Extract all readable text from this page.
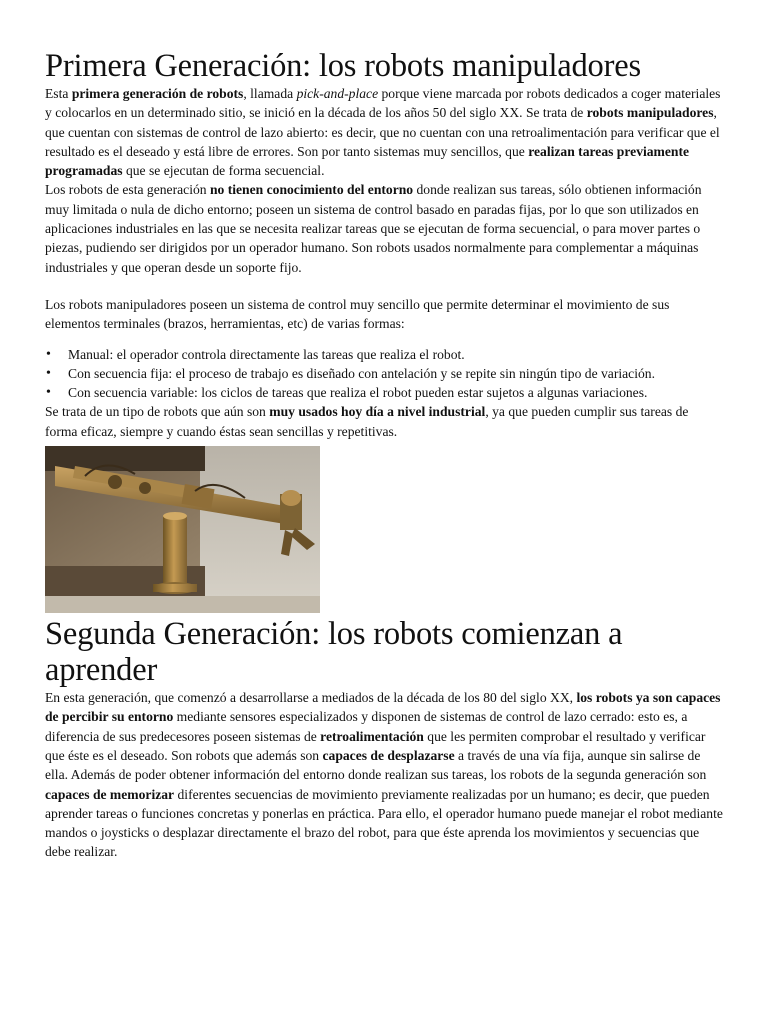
Primera Generación: los robots manipuladores

Esta primera generación de robots, llamada pick-and-place porque viene marcada por robots dedicados a coger materiales y colocarlos en un determinado sitio, se inició en la década de los años 50 del siglo XX. Se trata de robots manipuladores, que cuentan con sistemas de control de lazo abierto: es decir, que no cuentan con una retroalimentación para verificar que el resultado es el deseado y está libre de errores. Son por tanto sistemas muy sencillos, que realizan tareas previamente programadas que se ejecutan de forma secuencial.

Los robots de esta generación no tienen conocimiento del entorno donde realizan sus tareas, sólo obtienen información muy limitada o nula de dicho entorno; poseen un sistema de control basado en paradas fijas, por lo que son utilizados en aplicaciones industriales en las que se necesita realizar tareas que se ejecutan de forma secuencial, o para mover partes o piezas, pudiendo ser dirigidos por un operador humano. Son robots usados normalmente para complementar a máquinas industriales y que operan desde un soporte fijo.

Los robots manipuladores poseen un sistema de control muy sencillo que permite determinar el movimiento de sus elementos terminales (brazos, herramientas, etc) de varias formas:

• Manual: el operador controla directamente las tareas que realiza el robot.
• Con secuencia fija: el proceso de trabajo es diseñado con antelación y se repite sin ningún tipo de variación.
• Con secuencia variable: los ciclos de tareas que realiza el robot pueden estar sujetos a algunas variaciones.

Se trata de un tipo de robots que aún son muy usados hoy día a nivel industrial, ya que pueden cumplir sus tareas de forma eficaz, siempre y cuando éstas sean sencillas y repetitivas.

Segunda Generación: los robots comienzan a aprender

En esta generación, que comenzó a desarrollarse a mediados de la década de los 80 del siglo XX, los robots ya son capaces de percibir su entorno mediante sensores especializados y disponen de sistemas de control de lazo cerrado: esto es, a diferencia de sus predecesores poseen sistemas de retroalimentación que les permiten comprobar el resultado y verificar que éste es el deseado. Son robots que además son capaces de desplazarse a través de una vía fija, aunque sin salirse de ella. Además de poder obtener información del entorno donde realizan sus tareas, los robots de la segunda generación son capaces de memorizar diferentes secuencias de movimiento previamente realizadas por un humano; es decir, que pueden aprender tareas o funciones concretas y ponerlas en práctica. Para ello, el operador humano puede manejar el robot mediante mandos o joysticks o desplazar directamente el brazo del robot, para que éste aprenda los movimientos y secuencias que debe realizar.
